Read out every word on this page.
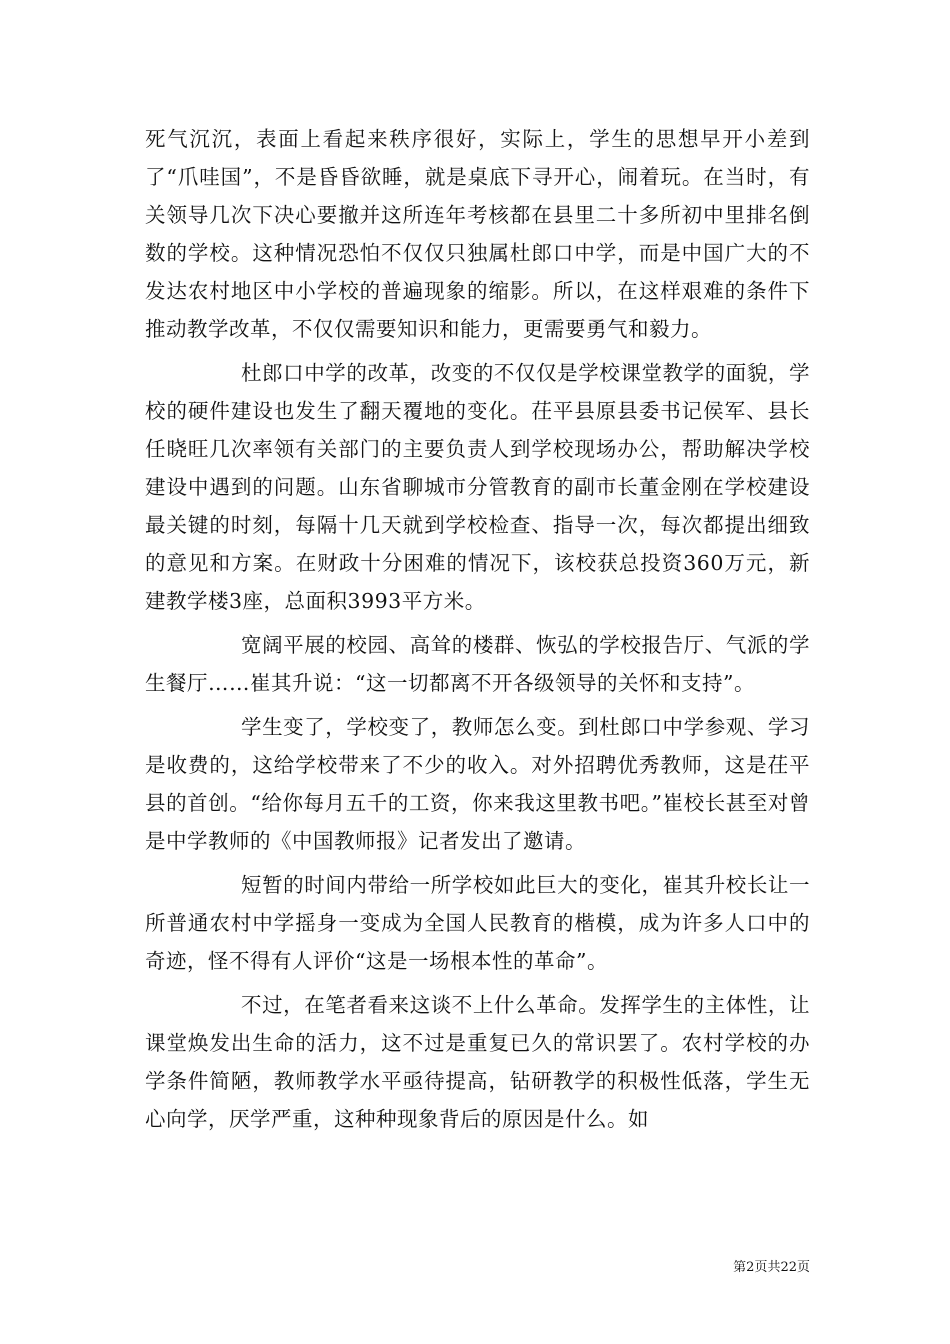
死气沉沉，表面上看起来秩序很好，实际上，学生的思想早开小差到了“爪哇国”，不是昏昏欲睡，就是桌底下寻开心，闹着玩。在当时，有关领导几次下决心要撤并这所连年考核都在县里二十多所初中里排名倒数的学校。这种情况恐怕不仅仅只独属杜郎口中学，而是中国广大的不发达农村地区中小学校的普遍现象的缩影。所以，在这样艰难的条件下推动教学改革，不仅仅需要知识和能力，更需要勇气和毅力。

杜郎口中学的改革，改变的不仅仅是学校课堂教学的面貌，学校的硬件建设也发生了翻天覆地的变化。茌平县原县委书记侯军、县长任晓旺几次率领有关部门的主要负责人到学校现场办公，帮助解决学校建设中遇到的问题。山东省聊城市分管教育的副市长董金刚在学校建设最关键的时刻，每隔十几天就到学校检查、指导一次，每次都提出细致的意见和方案。在财政十分困难的情况下，该校获总投资360万元，新建教学楼3座，总面积3993平方米。

宽阔平展的校园、高耸的楼群、恢弘的学校报告厅、气派的学生餐厅……崔其升说：“这一切都离不开各级领导的关怀和支持”。

学生变了，学校变了，教师怎么变。到杜郎口中学参观、学习是收费的，这给学校带来了不少的收入。对外招聘优秀教师，这是茌平县的首创。“给你每月五千的工资，你来我这里教书吧。”崔校长甚至对曾是中学教师的《中国教师报》记者发出了邀请。

短暂的时间内带给一所学校如此巨大的变化，崔其升校长让一所普通农村中学摇身一变成为全国人民教育的楷模，成为许多人口中的奇迹，怪不得有人评价“这是一场根本性的革命”。

不过，在笔者看来这谈不上什么革命。发挥学生的主体性，让课堂焕发出生命的活力，这不过是重复已久的常识罢了。农村学校的办学条件简陋，教师教学水平亟待提高，钻研教学的积极性低落，学生无心向学，厌学严重，这种种现象背后的原因是什么。如

第2页共22页
